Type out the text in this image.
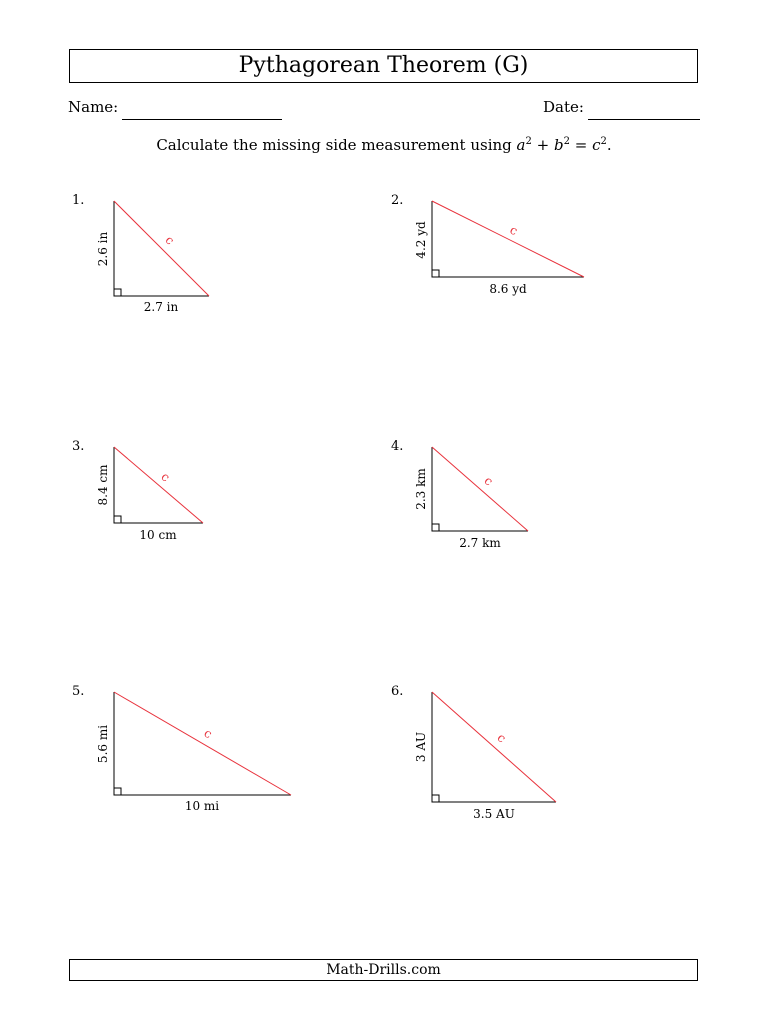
Pythagorean Theorem (G)
Name:	Date:
Calculate the missing side measurement using $a^2 + b^2 = c^2$.
1.
c
2.6 in
2.7 in
2.
c
4.2 yd
8.6 yd
3.
c
8.4 cm
10 cm
4.
c
2.3 km
2.7 km
5.
c
5.6 mi
10 mi
6.
c
3 AU
3.5 AU
Math-Drills.com
